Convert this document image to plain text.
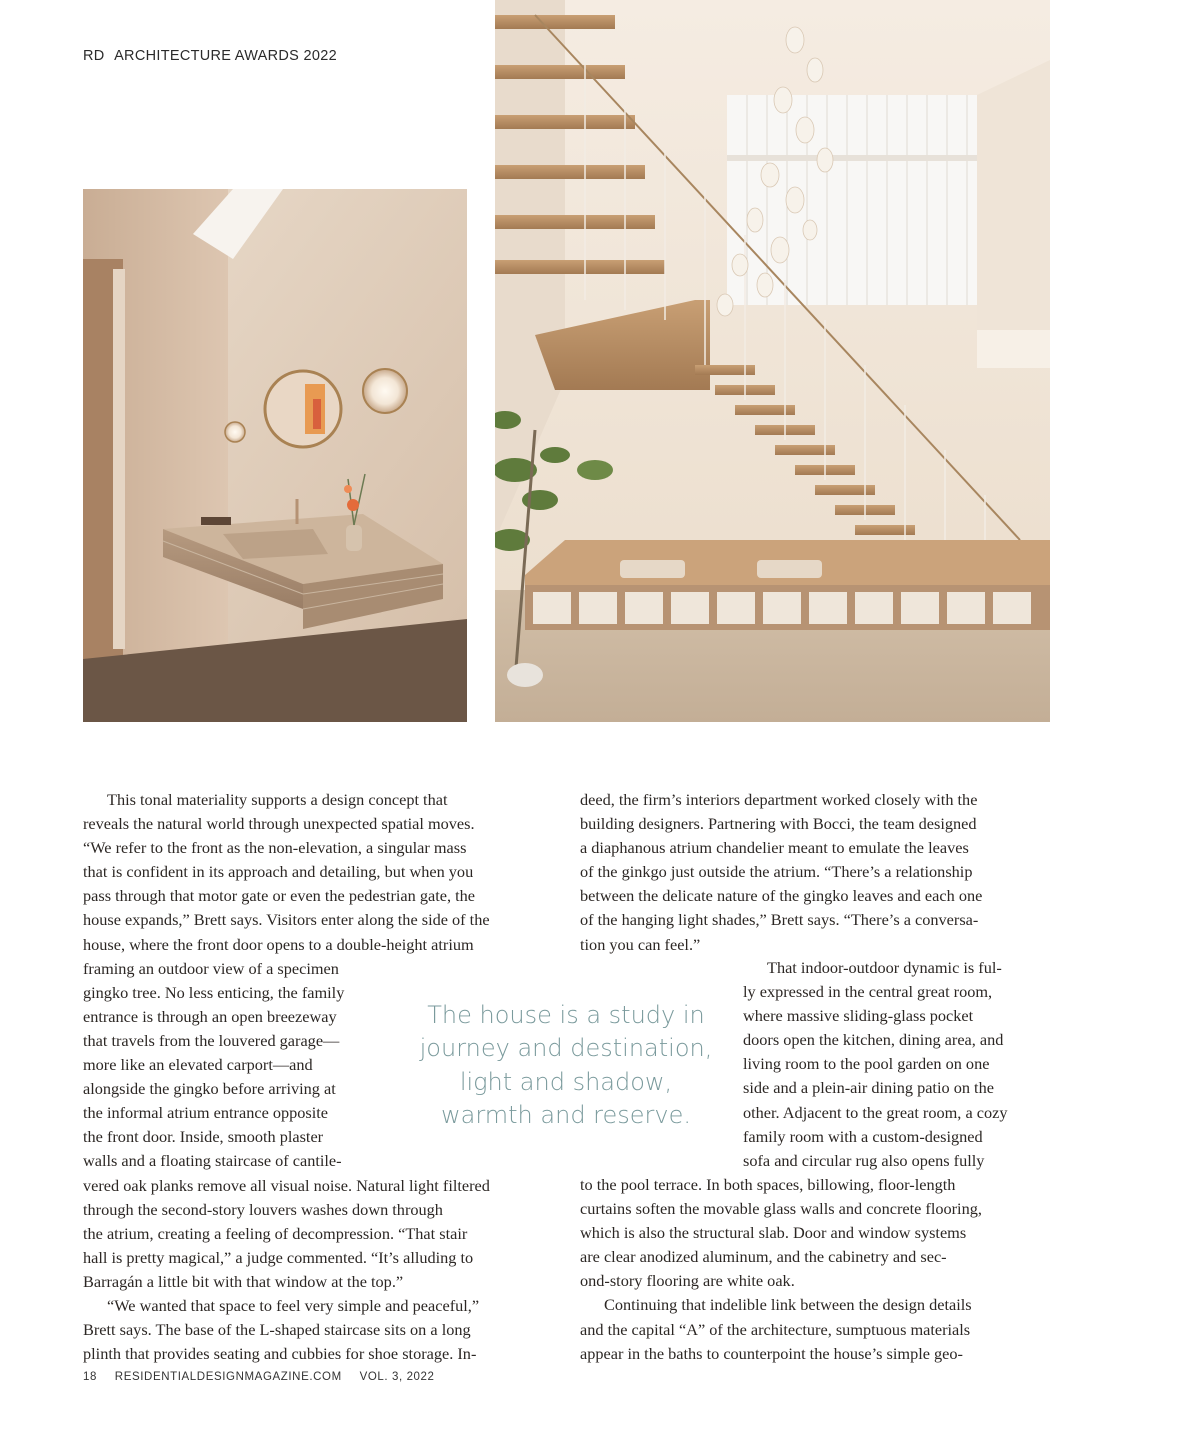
RD ARCHITECTURE AWARDS 2022

This tonal materiality supports a design concept that
reveals the natural world through unexpected spatial moves.
“We refer to the front as the non-elevation, a singular mass
that is confident in its approach and detailing, but when you
pass through that motor gate or even the pedestrian gate, the
house expands,” Brett says. Visitors enter along the side of the
house, where the front door opens to a double-height atrium
framing an outdoor view of a specimen
gingko tree. No less enticing, the family
entrance is through an open breezeway
that travels from the louvered garage—
more like an elevated carport—and
alongside the gingko before arriving at
the informal atrium entrance opposite
the front door. Inside, smooth plaster
walls and a floating staircase of cantile-
vered oak planks remove all visual noise. Natural light filtered
through the second-story louvers washes down through
the atrium, creating a feeling of decompression. “That stair
hall is pretty magical,” a judge commented. “It’s alluding to
Barragán a little bit with that window at the top.”

“We wanted that space to feel very simple and peaceful,”
Brett says. The base of the L-shaped staircase sits on a long
plinth that provides seating and cubbies for shoe storage. In-

deed, the firm’s interiors department worked closely with the
building designers. Partnering with Bocci, the team designed
a diaphanous atrium chandelier meant to emulate the leaves
of the ginkgo just outside the atrium. “There’s a relationship
between the delicate nature of the gingko leaves and each one
of the hanging light shades,” Brett says. “There’s a conversa-
tion you can feel.”

That indoor-outdoor dynamic is ful-
ly expressed in the central great room,
where massive sliding-glass pocket
doors open the kitchen, dining area, and
living room to the pool garden on one
side and a plein-air dining patio on the
other. Adjacent to the great room, a cozy
family room with a custom-designed
sofa and circular rug also opens fully

to the pool terrace. In both spaces, billowing, floor-length
curtains soften the movable glass walls and concrete flooring,
which is also the structural slab. Door and window systems
are clear anodized aluminum, and the cabinetry and sec-
ond-story flooring are white oak.

Continuing that indelible link between the design details
and the capital “A” of the architecture, sumptuous materials
appear in the baths to counterpoint the house’s simple geo-

The house is a study in
journey and destination,
light and shadow,
warmth and reserve.
18 RESIDENTIALDESIGNMAGAZINE.COM VOL. 3, 2022
